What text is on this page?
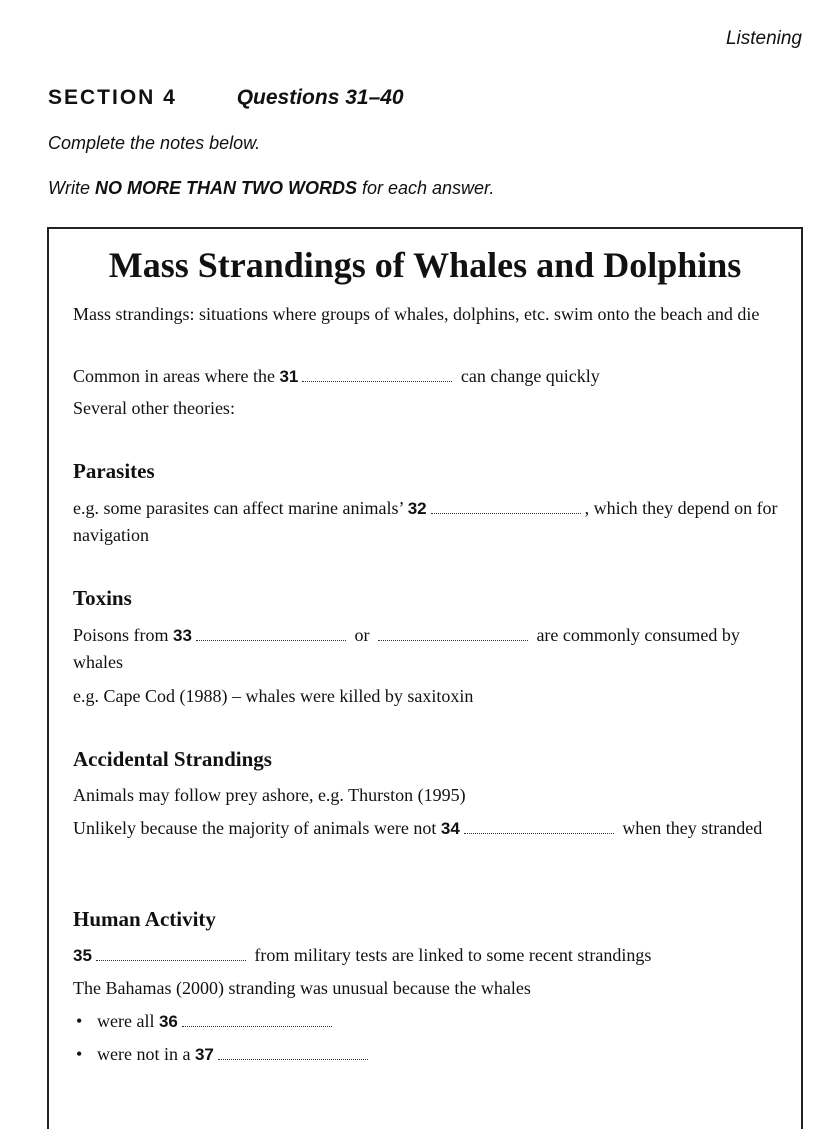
Listening
SECTION 4	Questions 31–40
Complete the notes below.
Write NO MORE THAN TWO WORDS for each answer.
Mass Strandings of Whales and Dolphins
Mass strandings: situations where groups of whales, dolphins, etc. swim onto the beach and die
Common in areas where the 31	can change quickly
Several other theories:
Parasites
e.g. some parasites can affect marine animals’ 32	, which they depend on for navigation
Toxins
Poisons from 33	or	are commonly consumed by whales
e.g. Cape Cod (1988) – whales were killed by saxitoxin
Accidental Strandings
Animals may follow prey ashore, e.g. Thurston (1995)
Unlikely because the majority of animals were not 34	when they stranded
Human Activity
35	from military tests are linked to some recent strandings
The Bahamas (2000) stranding was unusual because the whales
• were all 36
• were not in a 37
